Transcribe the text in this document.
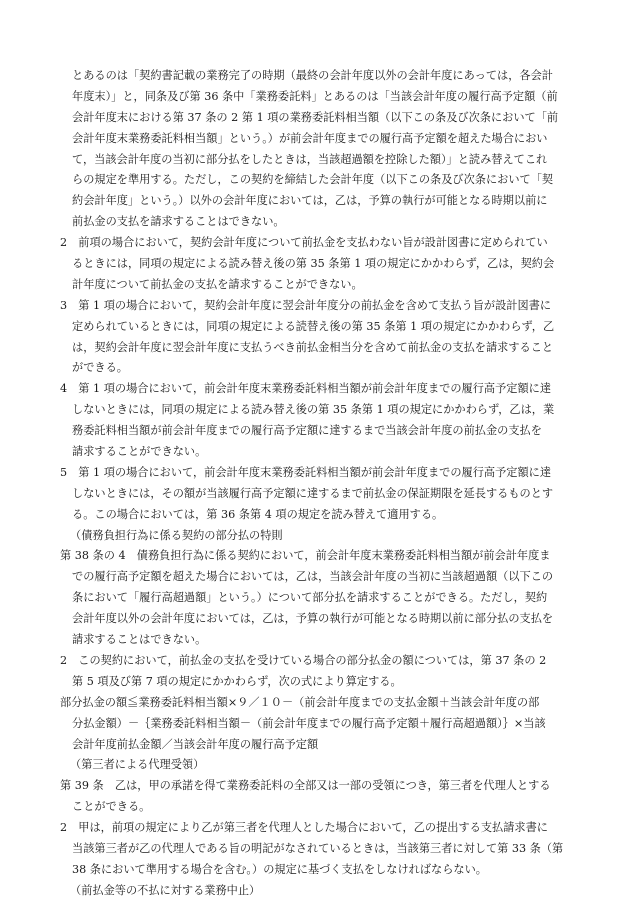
とあるのは「契約書記載の業務完了の時期（最終の会計年度以外の会計年度にあっては，各会計
年度末）」と，同条及び第 36 条中「業務委託料」とあるのは「当該会計年度の履行高予定額（前
会計年度末における第 37 条の 2 第 1 項の業務委託料相当額（以下この条及び次条において「前
会計年度末業務委託料相当額」という。）が前会計年度までの履行高予定額を超えた場合におい
て，当該会計年度の当初に部分払をしたときは，当該超過額を控除した額）」と読み替えてこれ
らの規定を準用する。ただし，この契約を締結した会計年度（以下この条及び次条において「契
約会計年度」という。）以外の会計年度においては，乙は，予算の執行が可能となる時期以前に
前払金の支払を請求することはできない。
2　前項の場合において，契約会計年度について前払金を支払わない旨が設計図書に定められてい
るときには，同項の規定による読み替え後の第 35 条第 1 項の規定にかかわらず，乙は，契約会
計年度について前払金の支払を請求することができない。
3　第 1 項の場合において，契約会計年度に翌会計年度分の前払金を含めて支払う旨が設計図書に
定められているときには，同項の規定による読替え後の第 35 条第 1 項の規定にかかわらず，乙
は，契約会計年度に翌会計年度に支払うべき前払金相当分を含めて前払金の支払を請求すること
ができる。
4　第 1 項の場合において，前会計年度末業務委託料相当額が前会計年度までの履行高予定額に達
しないときには，同項の規定による読み替え後の第 35 条第 1 項の規定にかかわらず，乙は，業
務委託料相当額が前会計年度までの履行高予定額に達するまで当該会計年度の前払金の支払を
請求することができない。
5　第 1 項の場合において，前会計年度末業務委託料相当額が前会計年度までの履行高予定額に達
しないときには，その額が当該履行高予定額に達するまで前払金の保証期限を延長するものとす
る。この場合においては，第 36 条第 4 項の規定を読み替えて適用する。
（債務負担行為に係る契約の部分払の特則
第 38 条の 4　債務負担行為に係る契約において，前会計年度末業務委託料相当額が前会計年度ま
での履行高予定額を超えた場合においては，乙は，当該会計年度の当初に当該超過額（以下この
条において「履行高超過額」という。）について部分払を請求することができる。ただし，契約
会計年度以外の会計年度においては，乙は，予算の執行が可能となる時期以前に部分払の支払を
請求することはできない。
2　この契約において，前払金の支払を受けている場合の部分払金の額については，第 37 条の 2
第 5 項及び第 7 項の規定にかかわらず，次の式により算定する。
部分払金の額≦業務委託料相当額×９／１０－（前会計年度までの支払金額＋当該会計年度の部
分払金額）－｛業務委託料相当額－（前会計年度までの履行高予定額＋履行高超過額）｝×当該
会計年度前払金額／当該会計年度の履行高予定額
（第三者による代理受領）
第 39 条　乙は，甲の承諾を得て業務委託料の全部又は一部の受領につき，第三者を代理人とする
ことができる。
2　甲は，前項の規定により乙が第三者を代理人とした場合において，乙の提出する支払請求書に
当該第三者が乙の代理人である旨の明記がなされているときは，当該第三者に対して第 33 条（第
38 条において準用する場合を含む。）の規定に基づく支払をしなければならない。
（前払金等の不払に対する業務中止）
